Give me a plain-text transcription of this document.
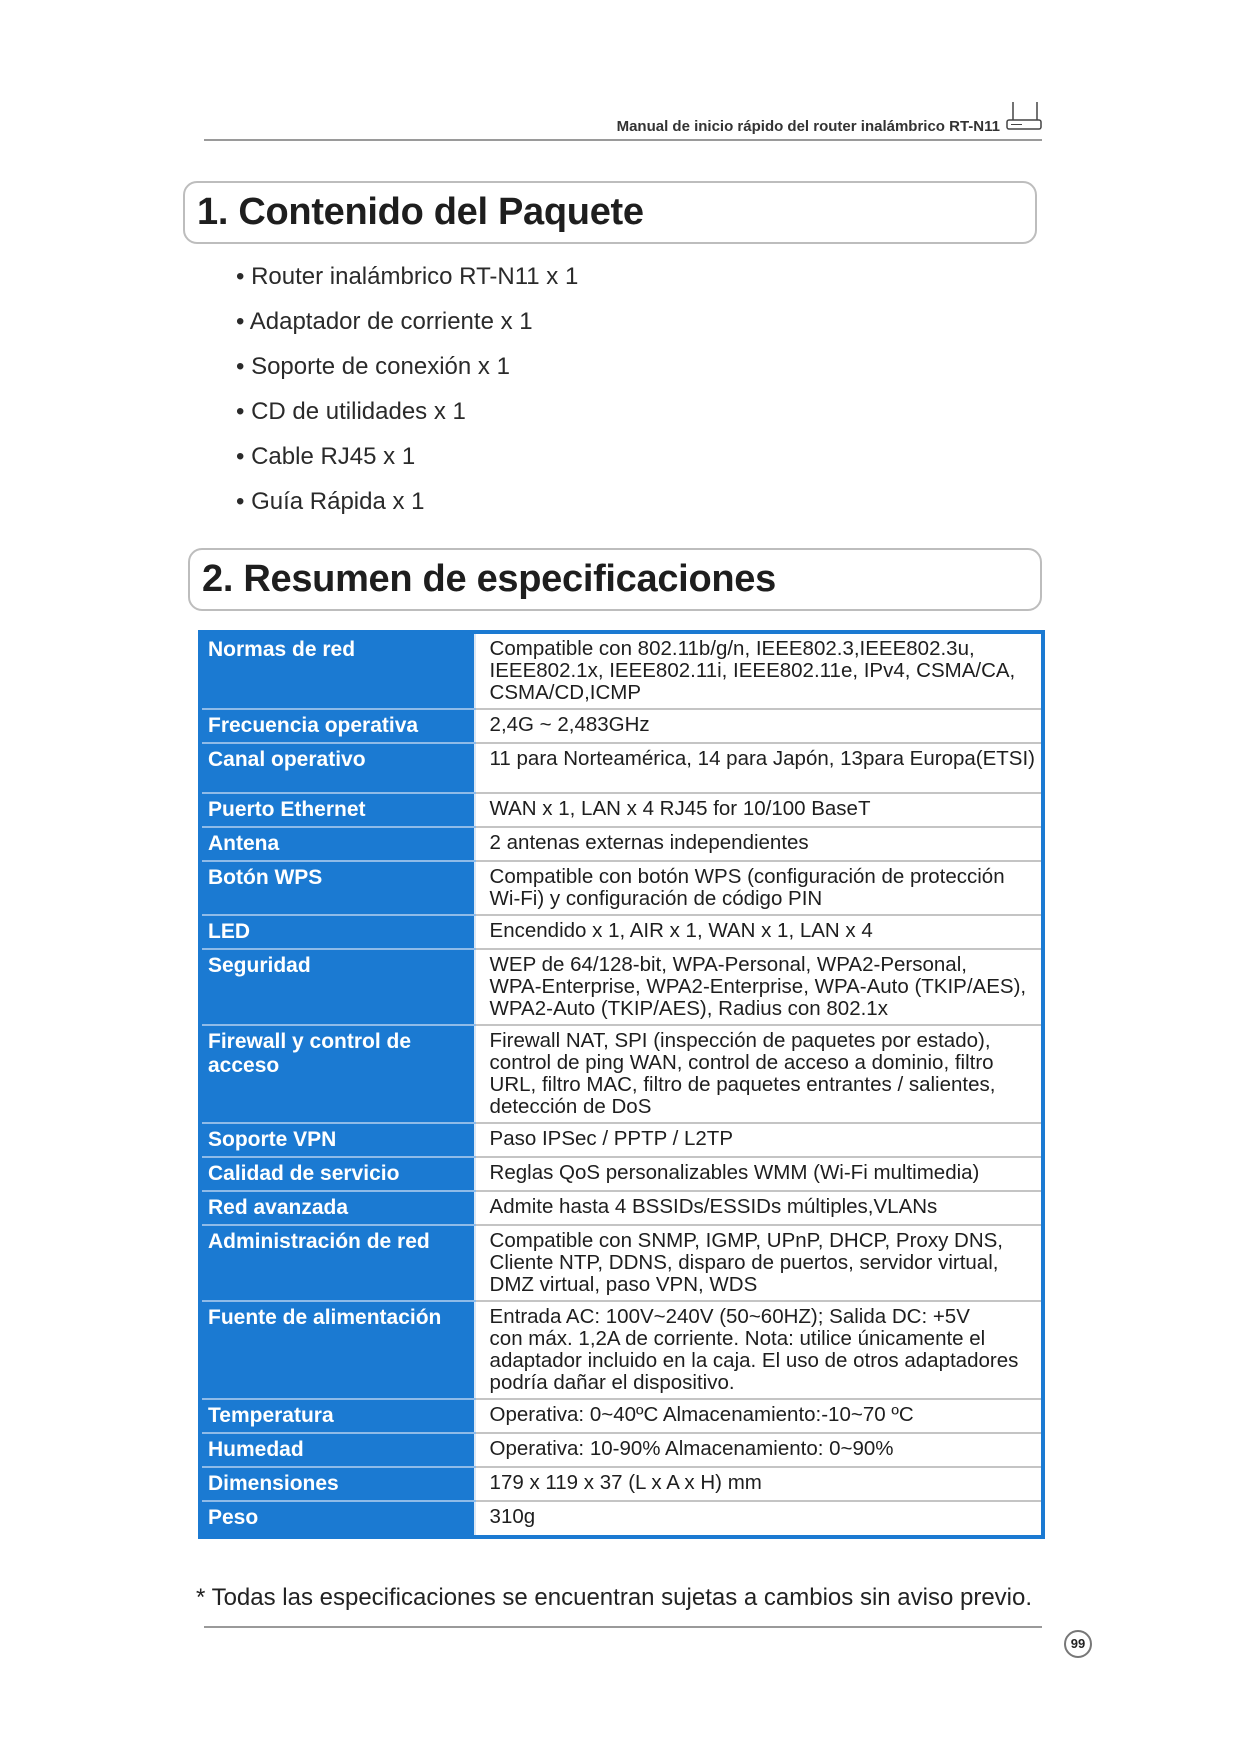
Manual de inicio rápido del router inalámbrico RT-N11
1. Contenido del Paquete
• Router inalámbrico RT-N11 x 1
• Adaptador de corriente x 1
• Soporte de conexión x 1
• CD de utilidades x 1
• Cable RJ45 x 1
• Guía Rápida x 1
2. Resumen de especificaciones
Normas de red	Compatible con 802.11b/g/n, IEEE802.3,IEEE802.3u,
IEEE802.1x, IEEE802.11i, IEEE802.11e, IPv4, CSMA/CA,
CSMA/CD,ICMP

Frecuencia operativa	2,4G ~ 2,483GHz

Canal operativo	11 para Norteamérica, 14 para Japón, 13para Europa(ETSI)

Puerto Ethernet	WAN x 1, LAN x 4 RJ45 for 10/100 BaseT

Antena	2 antenas externas independientes

Botón WPS	Compatible con botón WPS (configuración de protección
Wi-Fi) y configuración de código PIN

LED	Encendido x 1, AIR x 1, WAN x 1, LAN x 4

Seguridad	WEP de 64/128-bit, WPA-Personal, WPA2-Personal,
WPA-Enterprise, WPA2-Enterprise, WPA-Auto (TKIP/AES),
WPA2-Auto (TKIP/AES), Radius con 802.1x

Firewall y control de acceso	Firewall NAT, SPI (inspección de paquetes por estado),
control de ping WAN, control de acceso a dominio, filtro
URL, filtro MAC, filtro de paquetes entrantes / salientes,
detección de DoS

Soporte VPN	Paso IPSec / PPTP / L2TP

Calidad de servicio	Reglas QoS personalizables WMM (Wi-Fi multimedia)

Red avanzada	Admite hasta 4 BSSIDs/ESSIDs múltiples,VLANs

Administración de red	Compatible con SNMP, IGMP, UPnP, DHCP, Proxy DNS,
Cliente NTP, DDNS, disparo de puertos, servidor virtual,
DMZ virtual, paso VPN, WDS

Fuente de alimentación	Entrada AC: 100V~240V (50~60HZ); Salida DC: +5V
con máx. 1,2A de corriente. Nota: utilice únicamente el
adaptador incluido en la caja. El uso de otros adaptadores
podría dañar el dispositivo.

Temperatura	Operativa: 0~40ºC Almacenamiento:-10~70 ºC

Humedad	Operativa: 10-90% Almacenamiento: 0~90%

Dimensiones	179 x 119 x 37 (L x A x H) mm

Peso	310g
* Todas las especificaciones se encuentran sujetas a cambios sin aviso previo.
99
